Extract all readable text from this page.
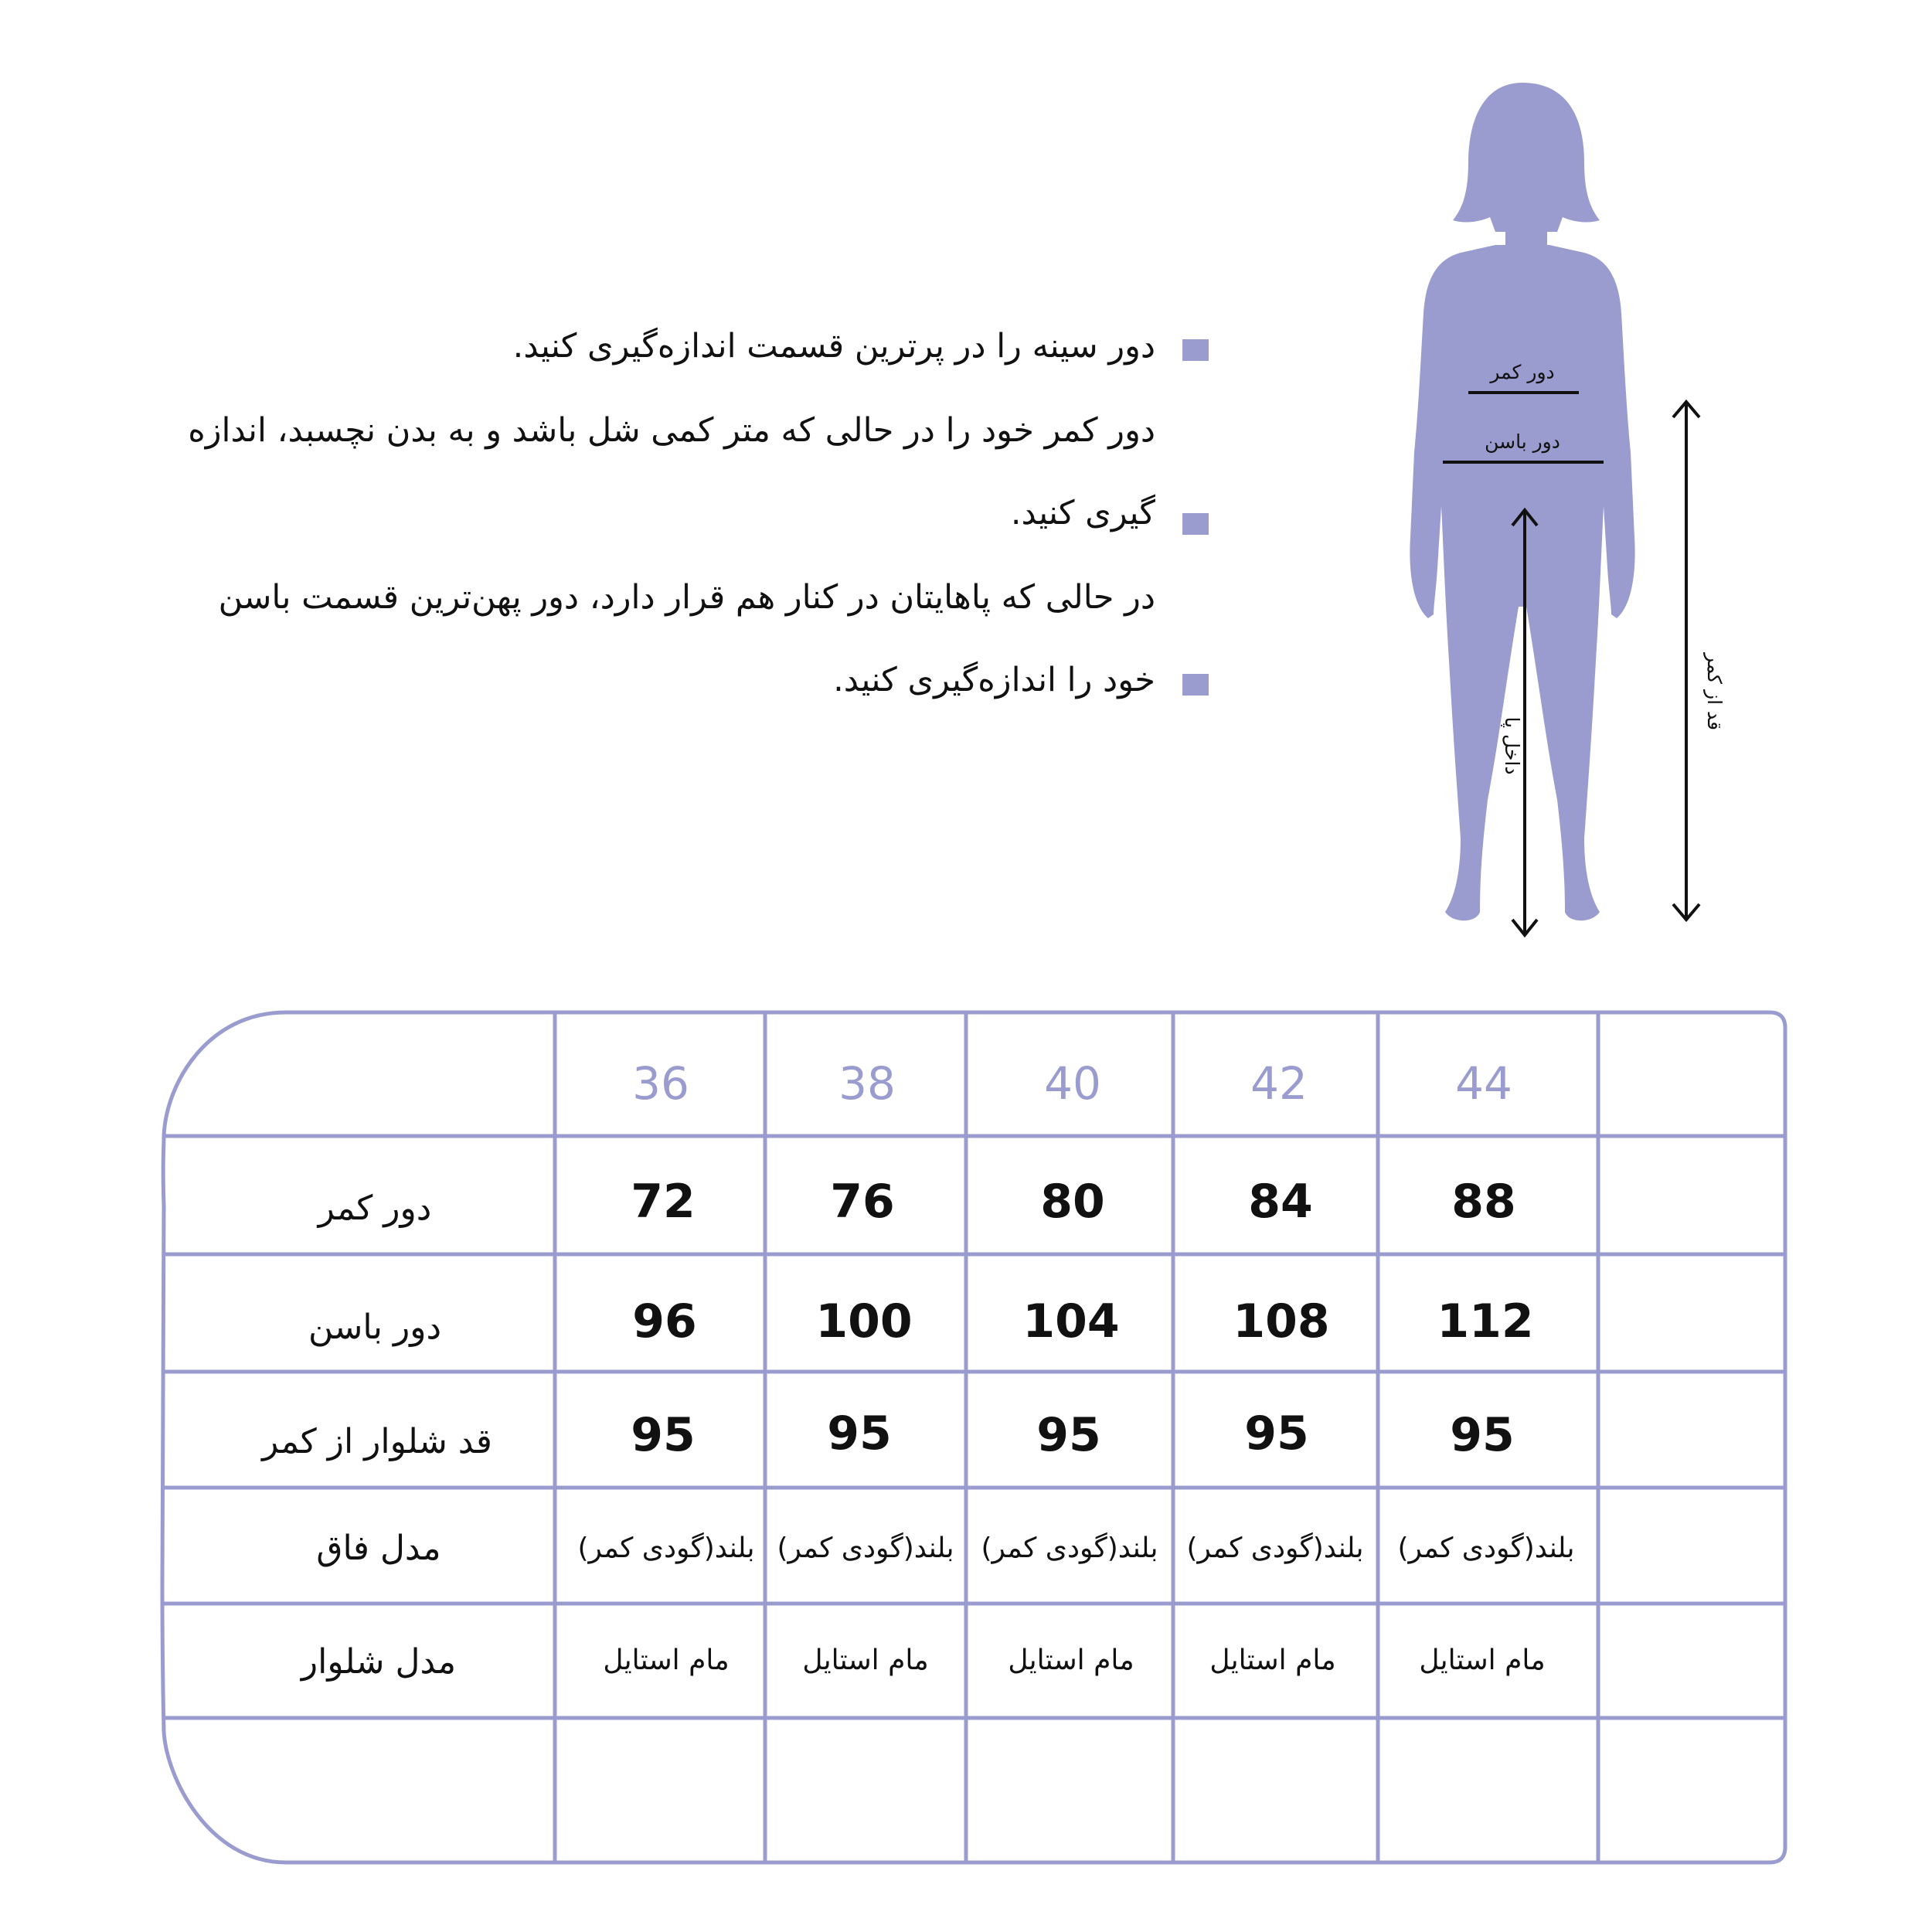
دور سینه را در پرترین قسمت اندازه‌گیری کنید.
دور کمر خود را در حالی که متر کمی شل باشد و به بدن نچسبد، اندازه
گیری کنید.
در حالی که پاهایتان در کنار هم قرار دارد، دور پهن‌ترین قسمت باسن
خود را اندازه‌گیری کنید.
دور کمر
دور باسن
داخل پا
قد از کمر
36	38	40	42	44
دور کمر	72	76	80	84	88
دور باسن	96	100 104 108 112
قد شلوار از کمر	95	95	95	95	95
مدل فاق	بلند(گودی کمر) بلند(گودی کمر) بلند(گودی کمر) بلند(گودی کمر) بلند(گودی کمر)
مدل شلوار	مام استایل	مام استایل	مام استایل	مام استایل	مام استایل
